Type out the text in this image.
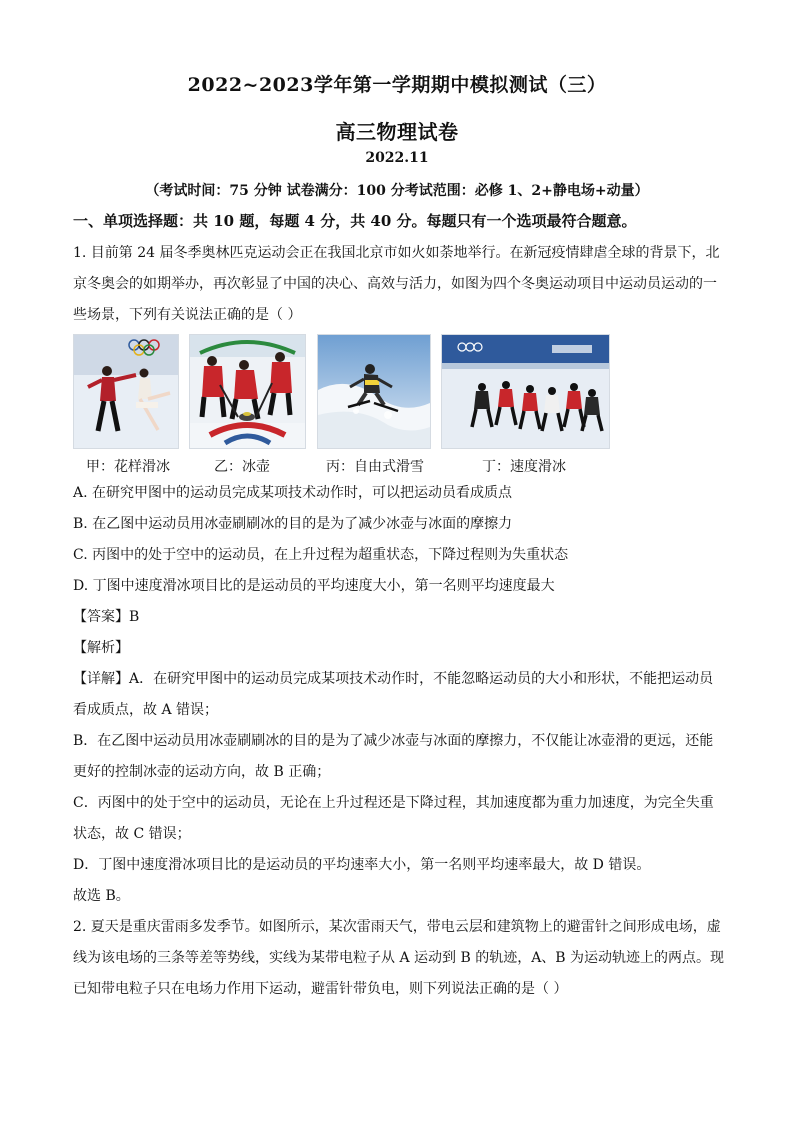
2022~2023学年第一学期期中模拟测试（三）
高三物理试卷
2022.11
（考试时间：75 分钟 试卷满分：100 分考试范围：必修 1、2+静电场+动量）
一、单项选择题：共 10 题，每题 4 分，共 40 分。每题只有一个选项最符合题意。
1. 目前第 24 届冬季奥林匹克运动会正在我国北京市如火如荼地举行。在新冠疫情肆虐全球的背景下，北
京冬奥会的如期举办，再次彰显了中国的决心、高效与活力，如图为四个冬奥运动项目中运动员运动的一
些场景，下列有关说法正确的是（ ）
甲：花样滑冰	乙：冰壶	丙：自由式滑雪	丁：速度滑冰
A. 在研究甲图中的运动员完成某项技术动作时，可以把运动员看成质点
B. 在乙图中运动员用冰壶刷刷冰的目的是为了减少冰壶与冰面的摩擦力
C. 丙图中的处于空中的运动员，在上升过程为超重状态，下降过程则为失重状态
D. 丁图中速度滑冰项目比的是运动员的平均速度大小，第一名则平均速度最大
【答案】B
【解析】
【详解】A．在研究甲图中的运动员完成某项技术动作时，不能忽略运动员的大小和形状，不能把运动员
看成质点，故 A 错误；
B．在乙图中运动员用冰壶刷刷冰的目的是为了减少冰壶与冰面的摩擦力，不仅能让冰壶滑的更远，还能
更好的控制冰壶的运动方向，故 B 正确；
C．丙图中的处于空中的运动员，无论在上升过程还是下降过程，其加速度都为重力加速度，为完全失重
状态，故 C 错误；
D．丁图中速度滑冰项目比的是运动员的平均速率大小，第一名则平均速率最大，故 D 错误。
故选 B。
2. 夏天是重庆雷雨多发季节。如图所示，某次雷雨天气，带电云层和建筑物上的避雷针之间形成电场，虚
线为该电场的三条等差等势线，实线为某带电粒子从 A 运动到 B 的轨迹，A、B 为运动轨迹上的两点。现
已知带电粒子只在电场力作用下运动，避雷针带负电，则下列说法正确的是（ ）
